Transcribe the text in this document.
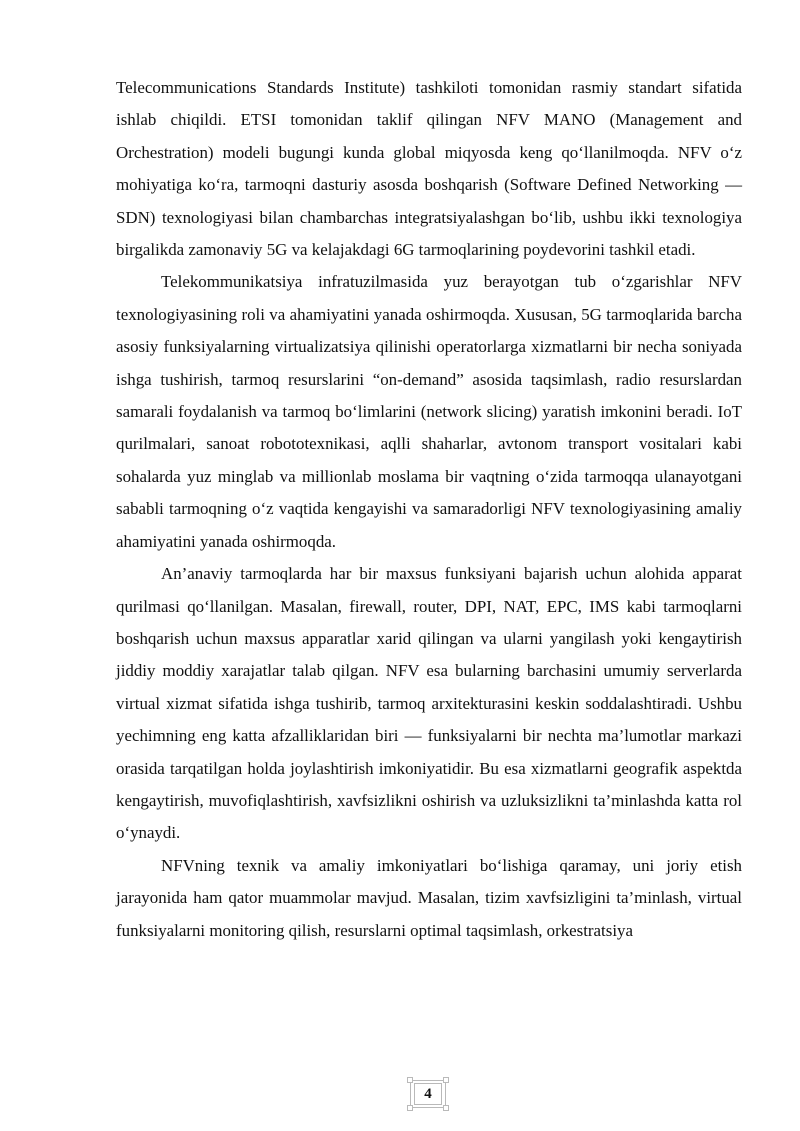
Telecommunications Standards Institute) tashkiloti tomonidan rasmiy standart sifatida ishlab chiqildi. ETSI tomonidan taklif qilingan NFV MANO (Management and Orchestration) modeli bugungi kunda global miqyosda keng qo‘llanilmoqda. NFV o‘z mohiyatiga ko‘ra, tarmoqni dasturiy asosda boshqarish (Software Defined Networking — SDN) texnologiyasi bilan chambarchas integratsiyalashgan bo‘lib, ushbu ikki texnologiya birgalikda zamonaviy 5G va kelajakdagi 6G tarmoqlarining poydevorini tashkil etadi.

Telekommunikatsiya infratuzilmasida yuz berayotgan tub o‘zgarishlar NFV texnologiyasining roli va ahamiyatini yanada oshirmoqda. Xususan, 5G tarmoqlarida barcha asosiy funksiyalarning virtualizatsiya qilinishi operatorlarga xizmatlarni bir necha soniyada ishga tushirish, tarmoq resurslarini “on-demand” asosida taqsimlash, radio resurslardan samarali foydalanish va tarmoq bo‘limlarini (network slicing) yaratish imkonini beradi. IoT qurilmalari, sanoat robototexnikasi, aqlli shaharlar, avtonom transport vositalari kabi sohalarda yuz minglab va millionlab moslama bir vaqtning o‘zida tarmoqqa ulanayotgani sababli tarmoqning o‘z vaqtida kengayishi va samaradorligi NFV texnologiyasining amaliy ahamiyatini yanada oshirmoqda.

An’anaviy tarmoqlarda har bir maxsus funksiyani bajarish uchun alohida apparat qurilmasi qo‘llanilgan. Masalan, firewall, router, DPI, NAT, EPC, IMS kabi tarmoqlarni boshqarish uchun maxsus apparatlar xarid qilingan va ularni yangilash yoki kengaytirish jiddiy moddiy xarajatlar talab qilgan. NFV esa bularning barchasini umumiy serverlarda virtual xizmat sifatida ishga tushirib, tarmoq arxitekturasini keskin soddalashtiradi. Ushbu yechimning eng katta afzalliklaridan biri — funksiyalarni bir nechta ma’lumotlar markazi orasida tarqatilgan holda joylashtirish imkoniyatidir. Bu esa xizmatlarni geografik aspektda kengaytirish, muvofiqlashtirish, xavfsizlikni oshirish va uzluksizlikni ta’minlashda katta rol o‘ynaydi.

NFVning texnik va amaliy imkoniyatlari bo‘lishiga qaramay, uni joriy etish jarayonida ham qator muammolar mavjud. Masalan, tizim xavfsizligini ta’minlash, virtual funksiyalarni monitoring qilish, resurslarni optimal taqsimlash, orkestratsiya

4
